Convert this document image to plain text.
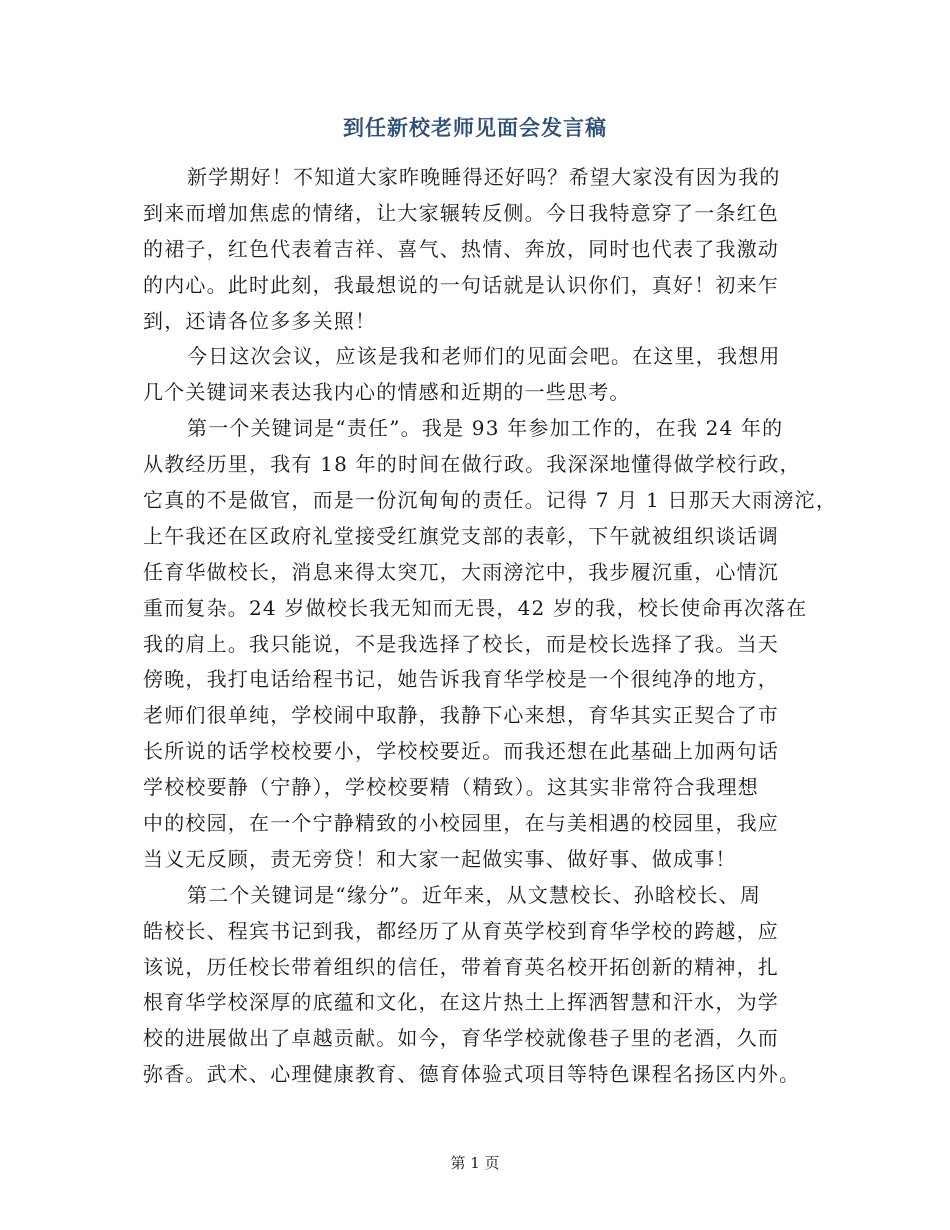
到任新校老师见面会发言稿
新学期好！不知道大家昨晚睡得还好吗？希望大家没有因为我的
到来而增加焦虑的情绪，让大家辗转反侧。今日我特意穿了一条红色
的裙子，红色代表着吉祥、喜气、热情、奔放，同时也代表了我激动
的内心。此时此刻，我最想说的一句话就是认识你们，真好！初来乍
到，还请各位多多关照！
今日这次会议，应该是我和老师们的见面会吧。在这里，我想用
几个关键词来表达我内心的情感和近期的一些思考。
第一个关键词是“责任”。我是 93 年参加工作的，在我 24 年的
从教经历里，我有 18 年的时间在做行政。我深深地懂得做学校行政，
它真的不是做官，而是一份沉甸甸的责任。记得 7 月 1 日那天大雨滂沱，
上午我还在区政府礼堂接受红旗党支部的表彰，下午就被组织谈话调
任育华做校长，消息来得太突兀，大雨滂沱中，我步履沉重，心情沉
重而复杂。24 岁做校长我无知而无畏，42 岁的我，校长使命再次落在
我的肩上。我只能说，不是我选择了校长，而是校长选择了我。当天
傍晚，我打电话给程书记，她告诉我育华学校是一个很纯净的地方，
老师们很单纯，学校闹中取静，我静下心来想，育华其实正契合了市
长所说的话学校校要小，学校校要近。而我还想在此基础上加两句话
学校校要静（宁静），学校校要精（精致）。这其实非常符合我理想
中的校园，在一个宁静精致的小校园里，在与美相遇的校园里，我应
当义无反顾，责无旁贷！和大家一起做实事、做好事、做成事！
第二个关键词是“缘分”。近年来，从文慧校长、孙晗校长、周
皓校长、程宾书记到我，都经历了从育英学校到育华学校的跨越，应
该说，历任校长带着组织的信任，带着育英名校开拓创新的精神，扎
根育华学校深厚的底蕴和文化，在这片热土上挥洒智慧和汗水，为学
校的进展做出了卓越贡献。如今，育华学校就像巷子里的老酒，久而
弥香。武术、心理健康教育、德育体验式项目等特色课程名扬区内外。
第 1 页
